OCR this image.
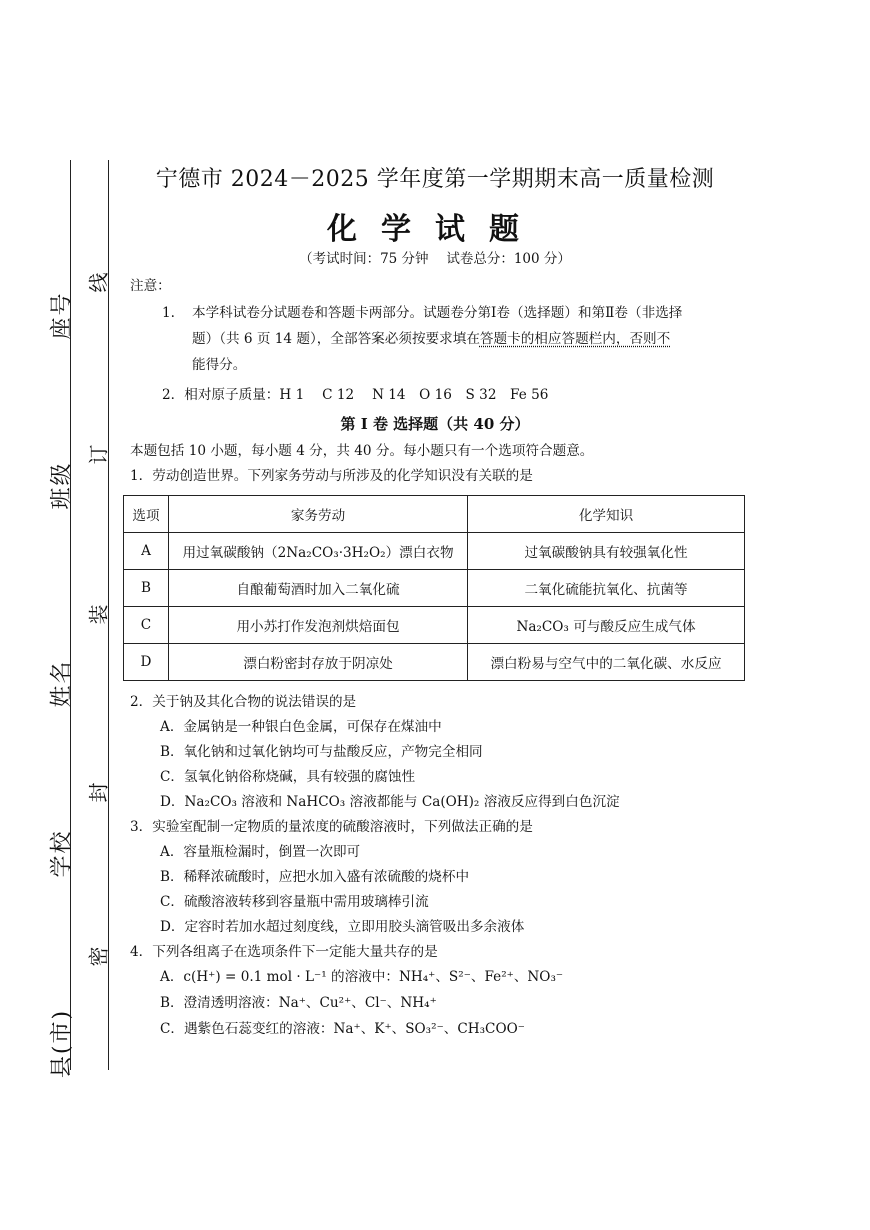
座号
班级
姓名
学校
县(市)
线
订
装
封
密
宁德市 2024－2025 学年度第一学期期末高一质量检测
化学试题
（考试时间：75 分钟　 试卷总分：100 分）
注意：
1. 本学科试卷分试题卷和答题卡两部分。试题卷分第Ⅰ卷（选择题）和第Ⅱ卷（非选择
题）（共 6 页 14 题），全部答案必须按要求填在答题卡的相应答题栏内，否则不
能得分。
2．相对原子质量：H 1　 C 12　 N 14　O 16　S 32　Fe 56
第 I 卷 选择题（共 40 分）
本题包括 10 小题，每小题 4 分，共 40 分。每小题只有一个选项符合题意。
1．劳动创造世界。下列家务劳动与所涉及的化学知识没有关联的是
选项	家务劳动	化学知识
A	用过氧碳酸钠（2Na₂CO₃·3H₂O₂）漂白衣物	过氧碳酸钠具有较强氧化性
B	自酿葡萄酒时加入二氧化硫	二氧化硫能抗氧化、抗菌等
C	用小苏打作发泡剂烘焙面包	Na₂CO₃ 可与酸反应生成气体
D	漂白粉密封存放于阴凉处	漂白粉易与空气中的二氧化碳、水反应
2．关于钠及其化合物的说法错误的是
A．金属钠是一种银白色金属，可保存在煤油中
B．氧化钠和过氧化钠均可与盐酸反应，产物完全相同
C．氢氧化钠俗称烧碱，具有较强的腐蚀性
D．Na₂CO₃ 溶液和 NaHCO₃ 溶液都能与 Ca(OH)₂ 溶液反应得到白色沉淀
3．实验室配制一定物质的量浓度的硫酸溶液时，下列做法正确的是
A．容量瓶检漏时，倒置一次即可
B．稀释浓硫酸时，应把水加入盛有浓硫酸的烧杯中
C．硫酸溶液转移到容量瓶中需用玻璃棒引流
D．定容时若加水超过刻度线，立即用胶头滴管吸出多余液体
4．下列各组离子在选项条件下一定能大量共存的是
A．c(H⁺) = 0.1 mol · L⁻¹ 的溶液中：NH₄⁺、S²⁻、Fe²⁺、NO₃⁻
B．澄清透明溶液：Na⁺、Cu²⁺、Cl⁻、NH₄⁺
C．遇紫色石蕊变红的溶液：Na⁺、K⁺、SO₃²⁻、CH₃COO⁻
